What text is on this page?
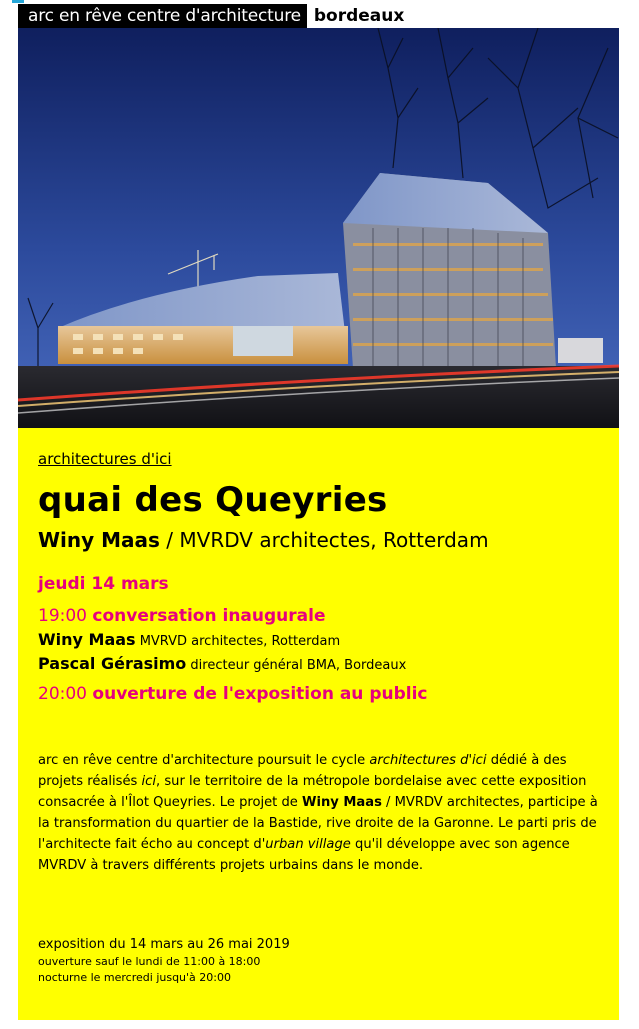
arc en rêve centre d'architecture bordeaux
architectures d'ici
quai des Queyries
Winy Maas / MVRDV architectes, Rotterdam
jeudi 14 mars
19:00 conversation inaugurale
Winy Maas MVRVD architectes, Rotterdam
Pascal Gérasimo directeur général BMA, Bordeaux
20:00 ouverture de l'exposition au public
arc en rêve centre d'architecture poursuit le cycle architectures d'ici dédié à des projets réalisés ici, sur le territoire de la métropole bordelaise avec cette exposition consacrée à l'Îlot Queyries. Le projet de Winy Maas / MVRDV architectes, participe à la transformation du quartier de la Bastide, rive droite de la Garonne. Le parti pris de l'architecte fait écho au concept d'urban village qu'il développe avec son agence MVRDV à travers différents projets urbains dans le monde.
exposition du 14 mars au 26 mai 2019
ouverture sauf le lundi de 11:00 à 18:00
nocturne le mercredi jusqu'à 20:00
